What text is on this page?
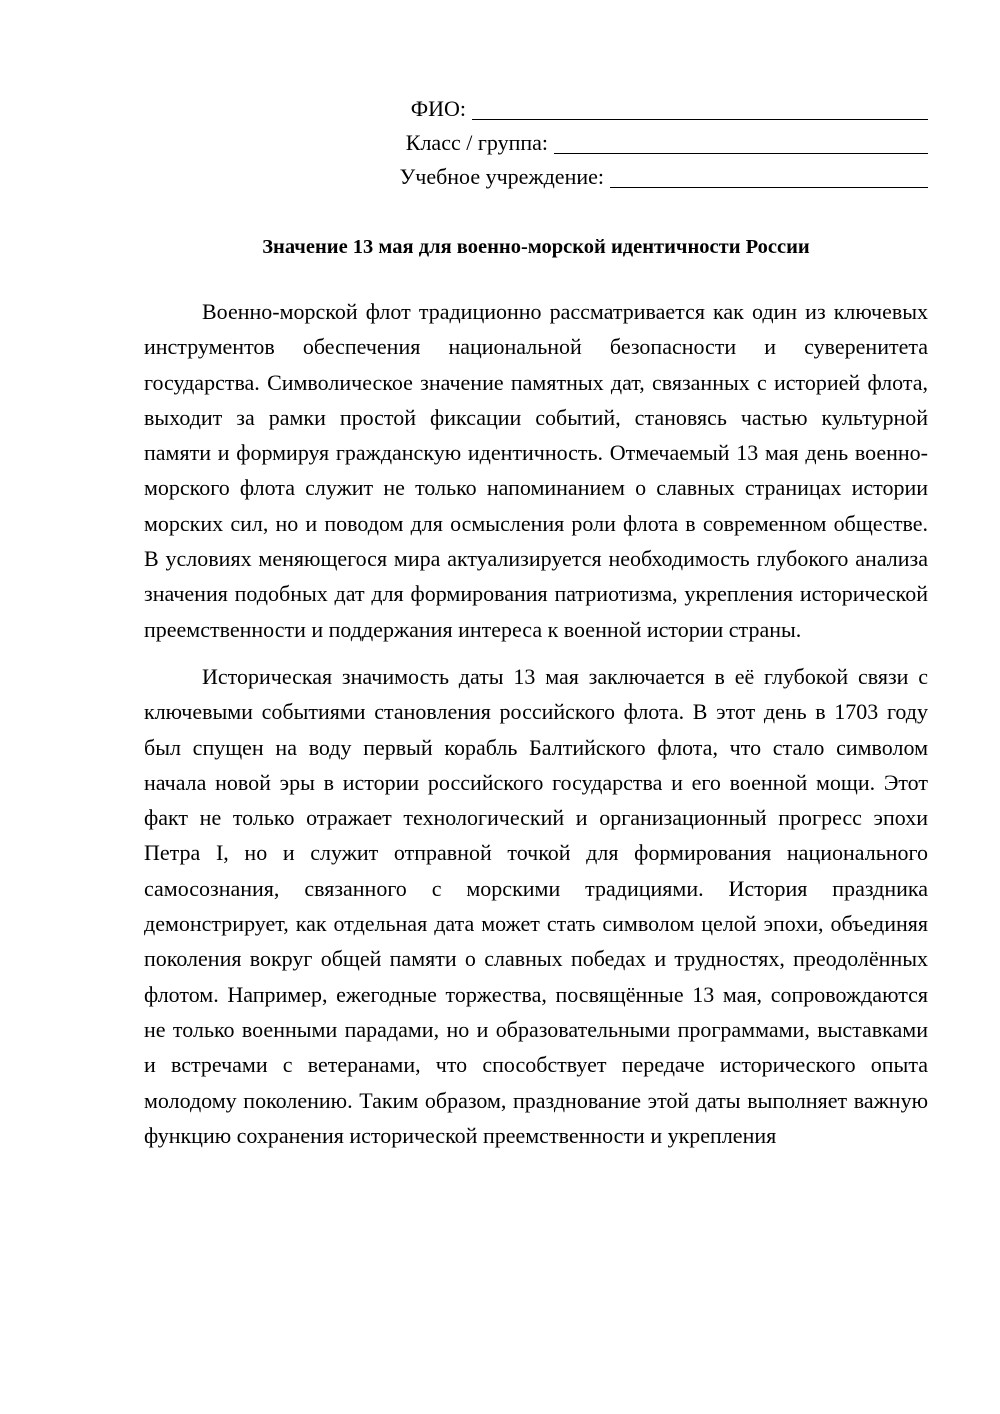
ФИО:
Класс / группа:
Учебное учреждение:
Значение 13 мая для военно-морской идентичности России

Военно-морской флот традиционно рассматривается как один из ключевых инструментов обеспечения национальной безопасности и суверенитета государства. Символическое значение памятных дат, связанных с историей флота, выходит за рамки простой фиксации событий, становясь частью культурной памяти и формируя гражданскую идентичность. Отмечаемый 13 мая день военно-морского флота служит не только напоминанием о славных страницах истории морских сил, но и поводом для осмысления роли флота в современном обществе. В условиях меняющегося мира актуализируется необходимость глубокого анализа значения подобных дат для формирования патриотизма, укрепления исторической преемственности и поддержания интереса к военной истории страны.

Историческая значимость даты 13 мая заключается в её глубокой связи с ключевыми событиями становления российского флота. В этот день в 1703 году был спущен на воду первый корабль Балтийского флота, что стало символом начала новой эры в истории российского государства и его военной мощи. Этот факт не только отражает технологический и организационный прогресс эпохи Петра I, но и служит отправной точкой для формирования национального самосознания, связанного с морскими традициями. История праздника демонстрирует, как отдельная дата может стать символом целой эпохи, объединяя поколения вокруг общей памяти о славных победах и трудностях, преодолённых флотом. Например, ежегодные торжества, посвящённые 13 мая, сопровождаются не только военными парадами, но и образовательными программами, выставками и встречами с ветеранами, что способствует передаче исторического опыта молодому поколению. Таким образом, празднование этой даты выполняет важную функцию сохранения исторической преемственности и укрепления
